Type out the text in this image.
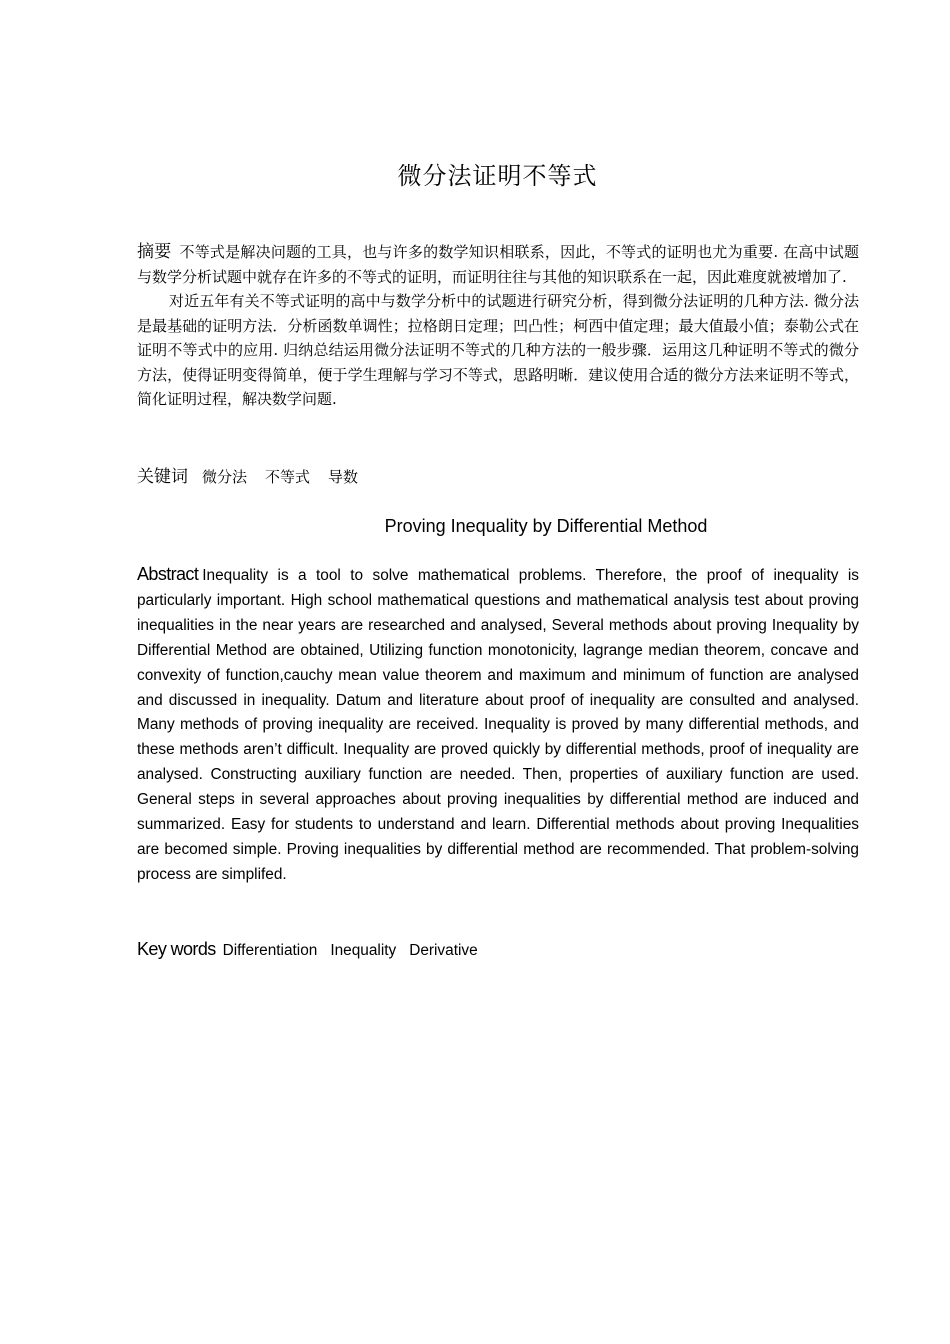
微分法证明不等式

摘要 不等式是解决问题的工具，也与许多的数学知识相联系，因此，不等式的证明也尤为重要. 在高中试题与数学分析试题中就存在许多的不等式的证明，而证明往往与其他的知识联系在一起，因此难度就被增加了.

对近五年有关不等式证明的高中与数学分析中的试题进行研究分析，得到微分法证明的几种方法. 微分法是最基础的证明方法．分析函数单调性；拉格朗日定理；凹凸性；柯西中值定理；最大值最小值；泰勒公式在证明不等式中的应用. 归纳总结运用微分法证明不等式的几种方法的一般步骤．运用这几种证明不等式的微分方法，使得证明变得简单，便于学生理解与学习不等式，思路明晰．建议使用合适的微分方法来证明不等式，简化证明过程，解决数学问题.

关键词 微分法 不等式 导数
Proving Inequality by Differential Method

Abstract Inequality is a tool to solve mathematical problems. Therefore, the proof of inequality is particularly important. High school mathematical questions and mathematical analysis test about proving inequalities in the near years are researched and analysed, Several methods about proving Inequality by Differential Method are obtained, Utilizing function monotonicity, lagrange median theorem, concave and convexity of function,cauchy mean value theorem and maximum and minimum of function are analysed and discussed in inequality. Datum and literature about proof of inequality are consulted and analysed. Many methods of proving inequality are received. Inequality is proved by many differential methods, and these methods aren’t difficult. Inequality are proved quickly by differential methods, proof of inequality are analysed. Constructing auxiliary function are needed. Then, properties of auxiliary function are used. General steps in several approaches about proving inequalities by differential method are induced and summarized. Easy for students to understand and learn. Differential methods about proving Inequalities are becomed simple. Proving inequalities by differential method are recommended. That problem-solving process are simplifed.

Key words Differentiation Inequality Derivative
